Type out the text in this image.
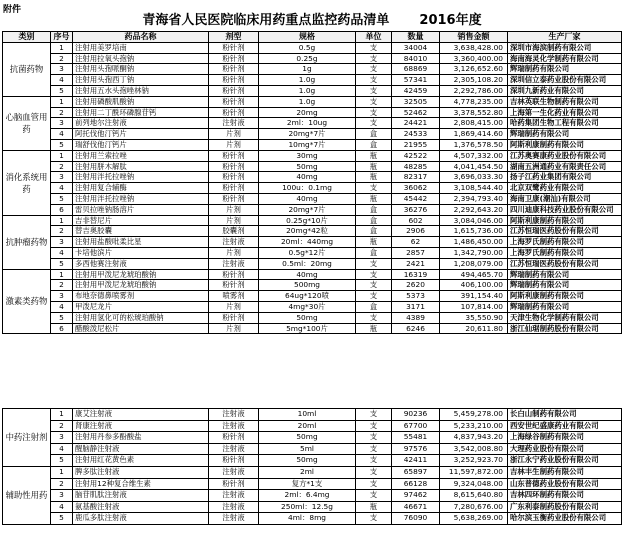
附件
青海省人民医院临床用药重点监控药品清单 2016年度
类别	序号	药品名称	剂型	规格	单位	数量	销售金额	生产厂家
抗菌药物	1	注射用美罗培南	粉针剂	0.5g	支	34004	3,638,428.00	深圳市海滨制药有限公司
	2	注射用拉氧头孢钠	粉针剂	0.25g	支	84010	3,360,400.00	海南海灵化学制药有限公司
	3	注射用头孢哌酮钠	粉针剂	1g	支	68869	3,126,652.60	辉瑞制药有限公司
	4	注射用头孢西丁钠	粉针剂	1.0g	支	57341	2,305,108.20	深圳信立泰药业股份有限公司
	5	注射用五水头孢唑林钠	粉针剂	1.0g	支	42459	2,292,786.00	深圳九新药业有限公司
心脑血管用药	1	注射用磷酸肌酸钠	粉针剂	1.0g	支	32505	4,778,235.00	吉林英联生物制药有限公司
	2	注射用二丁酰环磷腺苷钙	粉针剂	20mg	支	52462	3,378,552.80	上海第一生化药业有限公司
	3	前列地尔注射液	注射液	2ml：10ug	支	24421	2,808,415.00	哈药集团生物工程有限公司
	4	阿托伐他汀钙片	片剂	20mg*7片	盒	24533	1,869,414.60	辉瑞制药有限公司
	5	瑞舒伐他汀钙片	片剂	10mg*7片	盒	21955	1,376,578.50	阿斯利康制药有限公司
消化系统用药	1	注射用兰索拉唑	粉针剂	30mg	瓶	42522	4,507,332.00	江苏奥赛康药业股份有限公司
	2	注射用胼木解肽	粉针剂	50mg	瓶	48285	4,041,454.50	湖南五洲通药业有限责任公司
	3	注射用泮托拉唑钠	粉针剂	40mg	瓶	82317	3,696,033.30	扬子江药业集团有限公司
	4	注射用复合辅酶	粉针剂	100u：0.1mg	支	36062	3,108,544.40	北京双鹭药业有限公司
	5	注射用泮托拉唑钠	粉针剂	40mg	瓶	45442	2,394,793.40	海南卫康(潮汕)有限公司
	6	雷贝拉唑钠肠溶片	片剂	20mg*7片	盒	36276	2,292,643.20	四川迪康科技药业股份有限公司
抗肿瘤药物	1	吉非替尼片	片剂	0.25g*10片	盒	602	3,084,046.00	阿斯利康制药有限公司
	2	替吉奥胶囊	胶囊剂	20mg*42粒	盒	2906	1,615,736.00	江苏恒瑞医药股份有限公司
	3	注射用盐酸吡柔比星	注射液	20ml：440mg	瓶	62	1,486,450.00	上海罗氏制药有限公司
	4	卡培他滨片	片剂	0.5g*12片	盒	2857	1,342,790.00	上海罗氏制药有限公司
	5	多西他赛注射液	注射液	0.5ml：20mg	支	2421	1,208,079.00	江苏恒瑞医药股份有限公司
激素类药物	1	注射用甲泼尼龙琥珀酸钠	粉针剂	40mg	支	16319	494,465.70	辉瑞制药有限公司
	2	注射用甲泼尼龙琥珀酸钠	粉针剂	500mg	支	2620	406,100.00	辉瑞制药有限公司
	3	布地奈德鼻喷雾剂	喷雾剂	64ug*120喷	支	5373	391,154.40	阿斯利康制药有限公司
	4	甲泼尼龙片	片剂	4mg*30片	盒	3171	107,814.00	辉瑞制药有限公司
	5	注射用氢化可的松琥珀酸钠	粉针剂	50mg	支	4389	35,550.90	天津生物化学制药有限公司
	6	醋酸泼尼松片	片剂	5mg*100片	瓶	6246	20,611.80	浙江仙琚制药股份有限公司
中药注射剂	1	康艾注射液	注射液	10ml	支	90236	5,459,278.00	长白山制药有限公司
	2	肾康注射液	注射液	20ml	支	67700	5,233,210.00	西安世纪盛康药业有限公司
	3	注射用丹参多酚酸盐	粉针剂	50mg	支	55481	4,837,943.20	上海绿谷制药有限公司
	4	醒脑静注射液	注射液	5ml	支	97576	3,542,008.80	大理药业股份有限公司
	5	注射用红花黄色素	粉针剂	50mg	支	42411	3,252,923.70	浙江永宁药业股份有限公司
辅助性用药	1	脾多肽注射液	注射液	2ml	支	65897	11,597,872.00	吉林丰生制药有限公司
	2	注射用12种复合维生素	粉针剂	复方*1支	支	66128	9,324,048.00	山东普德药业股份有限公司
	3	脑苷肌肽注射液	注射液	2ml：6.4mg	支	97462	8,615,640.80	吉林四环制药有限公司
	4	氨基酸注射液	注射液	250ml：12.5g	瓶	46671	7,280,676.00	广东利泰制药股份有限公司
	5	鹿瓜多肽注射液	注射液	4ml：8mg	支	76090	5,638,269.00	哈尔滨玉衡药业股份有限公司
